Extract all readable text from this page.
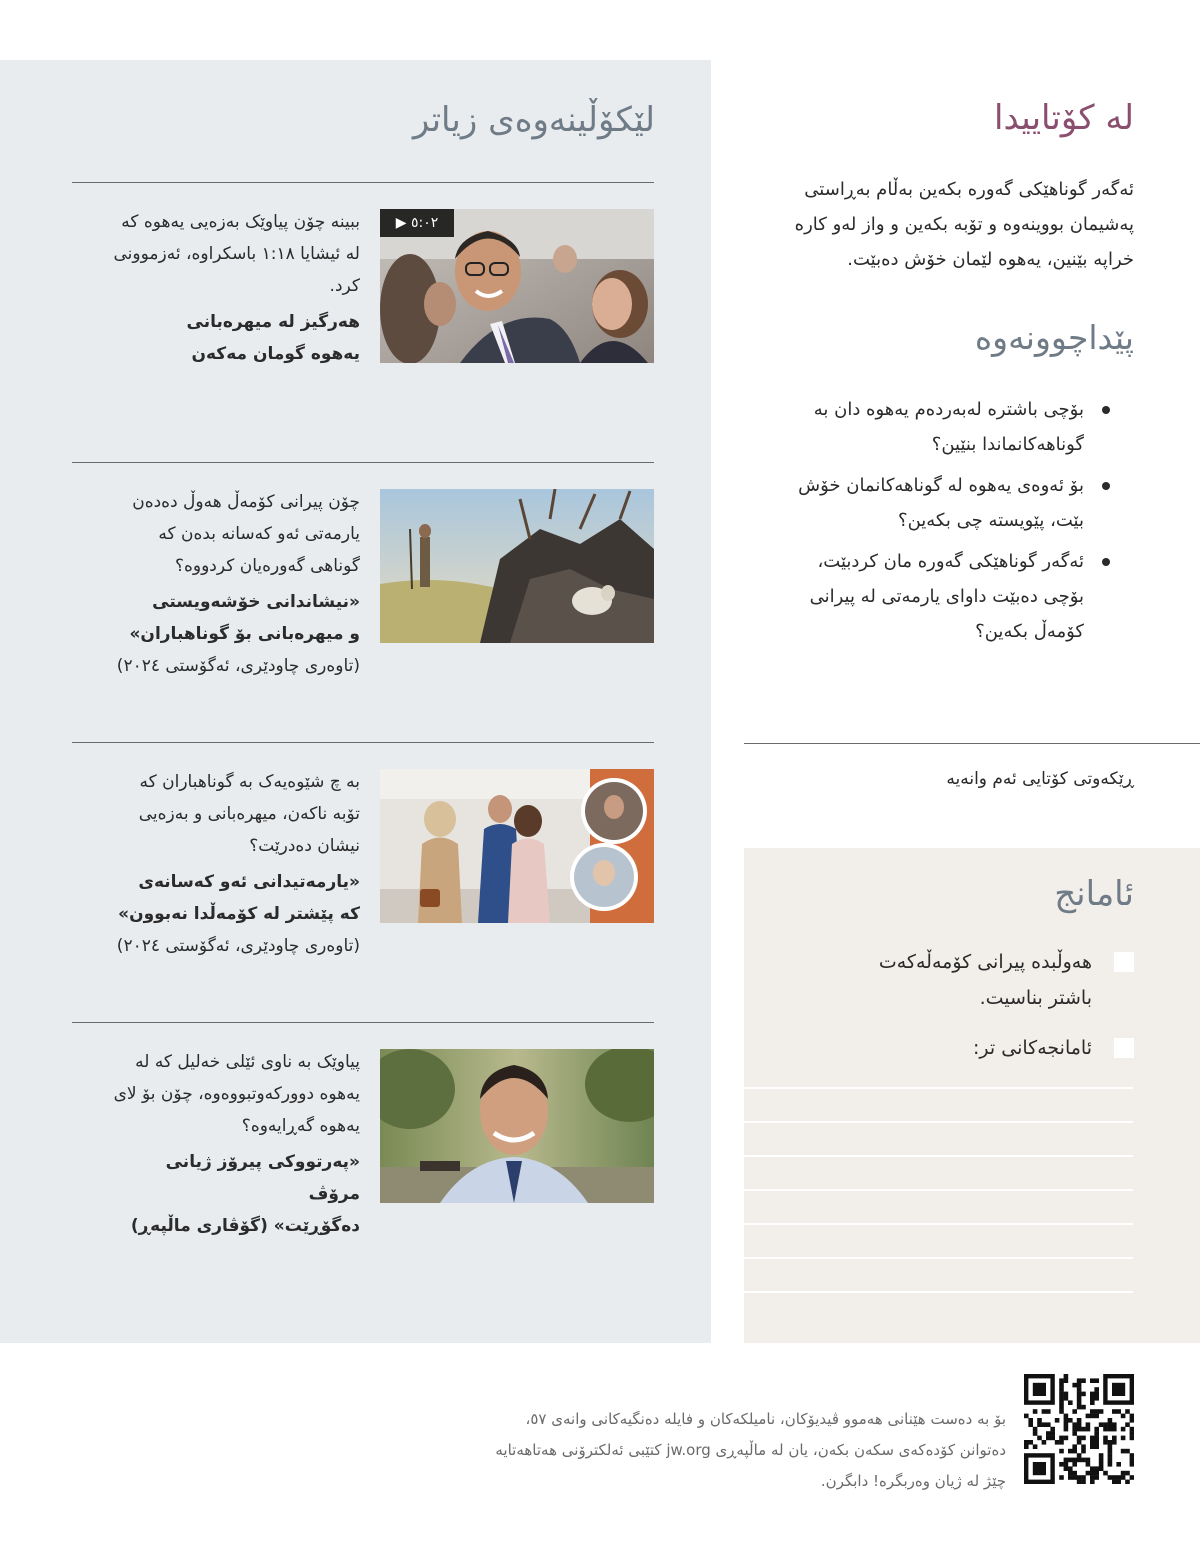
لێکۆڵینەوەی زیاتر
ببینە چۆن پیاوێک بەزەیی یەهوە کە لە ئیشایا ١:١٨ باسکراوە، ئەزموونی کرد.
هەرگیز لە میهرەبانی
یەهوە گومان مەکەن
▶ ٥:٠٢
چۆن پیرانی کۆمەڵ هەوڵ دەدەن یارمەتی ئەو کەسانە بدەن کە گوناهی گەورەیان کردووە؟
«نیشاندانی خۆشەویستی
و میهرەبانی بۆ گوناهباران»
(تاوەری چاودێری، ئەگۆستی ٢٠٢٤)
بە چ شێوەیەک بە گوناهباران کە تۆبە ناکەن، میهرەبانی و بەزەیی نیشان دەدرێت؟
«یارمەتیدانی ئەو کەسانەی
کە پێشتر لە کۆمەڵدا نەبوون»
(تاوەری چاودێری، ئەگۆستی ٢٠٢٤)
پیاوێک بە ناوی ئێلی خەلیل کە لە یەهوە دوورکەوتبووەوە، چۆن بۆ لای یەهوە گەڕایەوە؟
«پەرتووکی پیرۆز ژیانی مرۆڤ
دەگۆڕێت» (گۆڤاری ماڵپەڕ)
لە کۆتاییدا
ئەگەر گوناهێکی گەورە بکەین بەڵام بەڕاستی پەشیمان بووینەوە و تۆبە بکەین و واز لەو کارە خراپە بێنین، یەهوە لێمان خۆش دەبێت.
پێداچوونەوە
بۆچی باشترە لەبەردەم یەهوە دان بە گوناهەکانماندا بنێین؟
بۆ ئەوەی یەهوە لە گوناهەکانمان خۆش بێت، پێویستە چی بکەین؟
ئەگەر گوناهێکی گەورە مان کردبێت، بۆچی دەبێت داوای یارمەتی لە پیرانی کۆمەڵ بکەین؟
ڕێکەوتی کۆتایی ئەم وانەیە
ئامانج
هەوڵبدە پیرانی کۆمەڵەکەت باشتر بناسیت.
ئامانجەکانی تر:
بۆ بە دەست هێنانی هەموو ڤیدیۆکان، نامیلکەکان و فایلە دەنگیەکانی وانەی ٥٧، دەتوانن کۆدەکەی سکەن بکەن، یان لە ماڵپەڕی jw.org کتێبی ئەلکترۆنی هەتاهەتایە چێژ لە ژیان وەربگرە! دابگرن.
